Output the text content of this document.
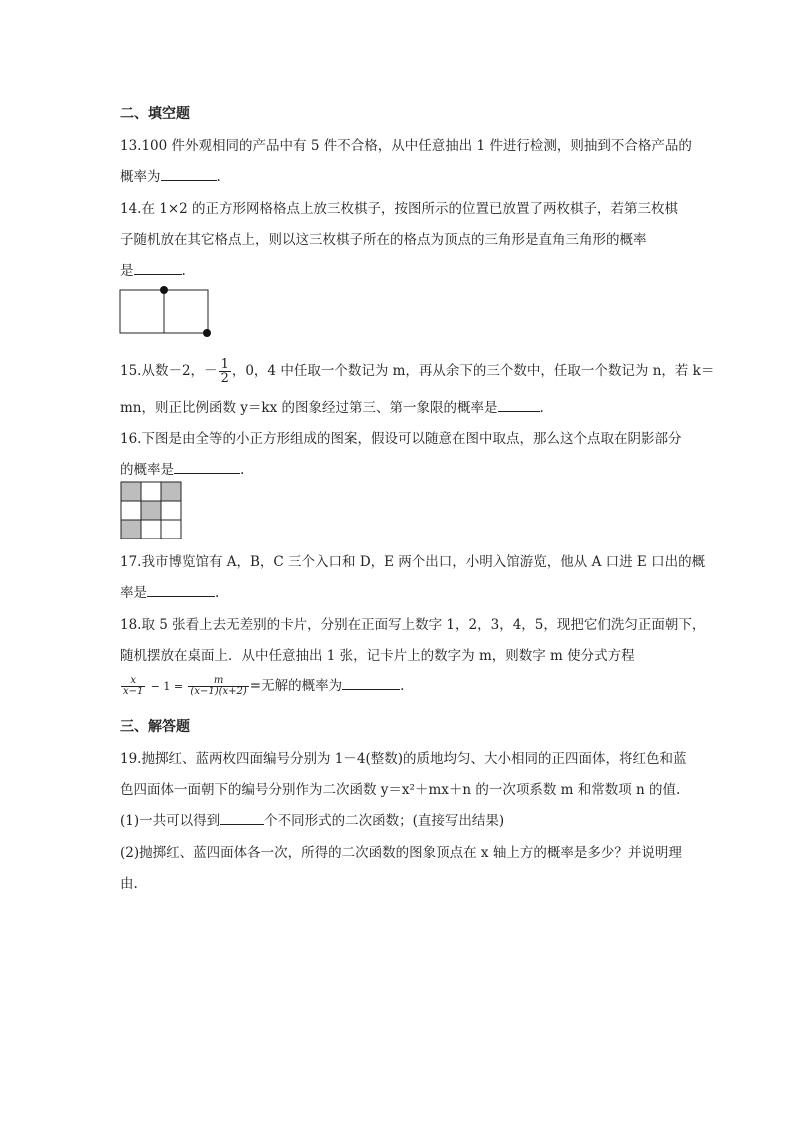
二、填空题
13.100 件外观相同的产品中有 5 件不合格，从中任意抽出 1 件进行检测，则抽到不合格产品的
概率为	.
14.在 1×2 的正方形网格格点上放三枚棋子，按图所示的位置已放置了两枚棋子，若第三枚棋
子随机放在其它格点上，则以这三枚棋子所在的格点为顶点的三角形是直角三角形的概率
是	.
15.从数－2，－ $\frac{1}{2}$ ，0，4 中任取一个数记为 m，再从余下的三个数中，任取一个数记为 n，若 k＝
mn，则正比例函数 y＝kx 的图象经过第三、第一象限的概率是	.
16.下图是由全等的小正方形组成的图案，假设可以随意在图中取点，那么这个点取在阴影部分
的概率是	.
17.我市博览馆有 A，B，C 三个入口和 D，E 两个出口，小明入馆游览，他从 A 口进 E 口出的概
率是	.
18.取 5 张看上去无差别的卡片，分别在正面写上数字 1，2，3，4，5，现把它们洗匀正面朝下，
随机摆放在桌面上．从中任意抽出 1 张，记卡片上的数字为 m，则数字 m 使分式方程
$\frac{x}{x-1} - 1 = \frac{m}{(x-1)(x+2)}$ =无解的概率为	.
三、解答题
19.抛掷红、蓝两枚四面编号分别为 1－4(整数)的质地均匀、大小相同的正四面体，将红色和蓝
色四面体一面朝下的编号分别作为二次函数 y＝x²＋mx＋n 的一次项系数 m 和常数项 n 的值.
(1)一共可以得到	个不同形式的二次函数；(直接写出结果)
(2)抛掷红、蓝四面体各一次，所得的二次函数的图象顶点在 x 轴上方的概率是多少？并说明理
由.
